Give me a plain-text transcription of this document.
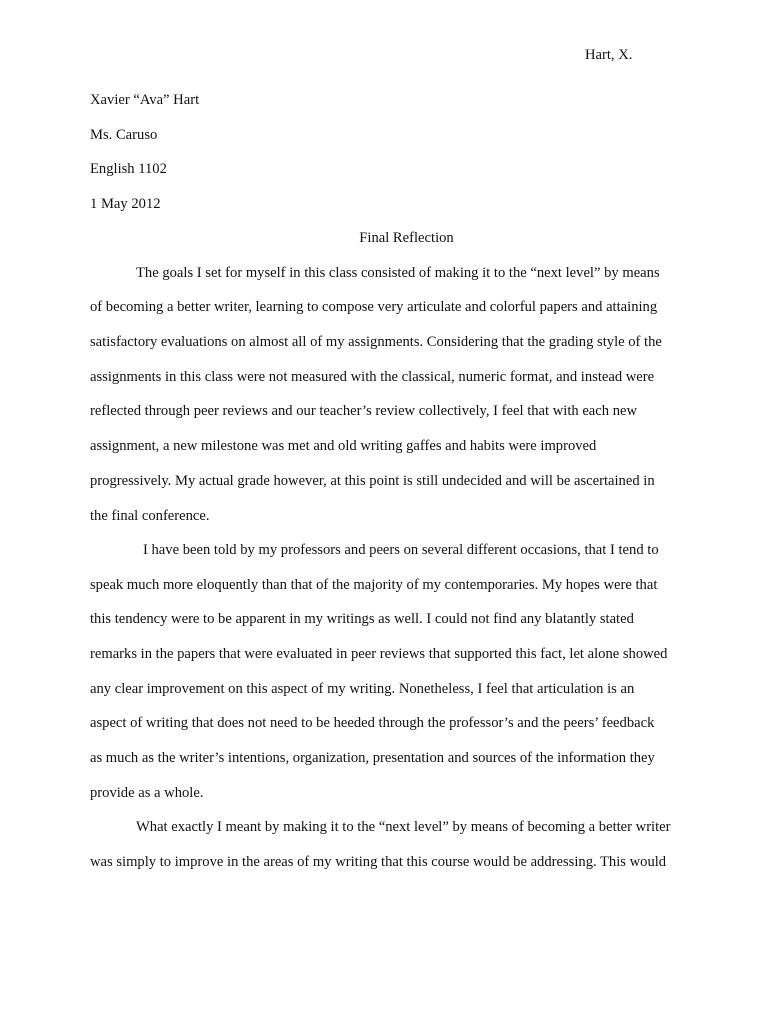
Hart, X.
Xavier “Ava” Hart
Ms. Caruso
English 1102
1 May 2012
Final Reflection
The goals I set for myself in this class consisted of making it to the “next level” by means
of becoming a better writer, learning to compose very articulate and colorful papers and attaining
satisfactory evaluations on almost all of my assignments. Considering that the grading style of the
assignments in this class were not measured with the classical, numeric format, and instead were
reflected through peer reviews and our teacher’s review collectively, I feel that with each new
assignment, a new milestone was met and old writing gaffes and habits were improved
progressively. My actual grade however, at this point is still undecided and will be ascertained in
the final conference.
I have been told by my professors and peers on several different occasions, that I tend to
speak much more eloquently than that of the majority of my contemporaries. My hopes were that
this tendency were to be apparent in my writings as well. I could not find any blatantly stated
remarks in the papers that were evaluated in peer reviews that supported this fact, let alone showed
any clear improvement on this aspect of my writing. Nonetheless, I feel that articulation is an
aspect of writing that does not need to be heeded through the professor’s and the peers’ feedback
as much as the writer’s intentions, organization, presentation and sources of the information they
provide as a whole.
What exactly I meant by making it to the “next level” by means of becoming a better writer
was simply to improve in the areas of my writing that this course would be addressing. This would
